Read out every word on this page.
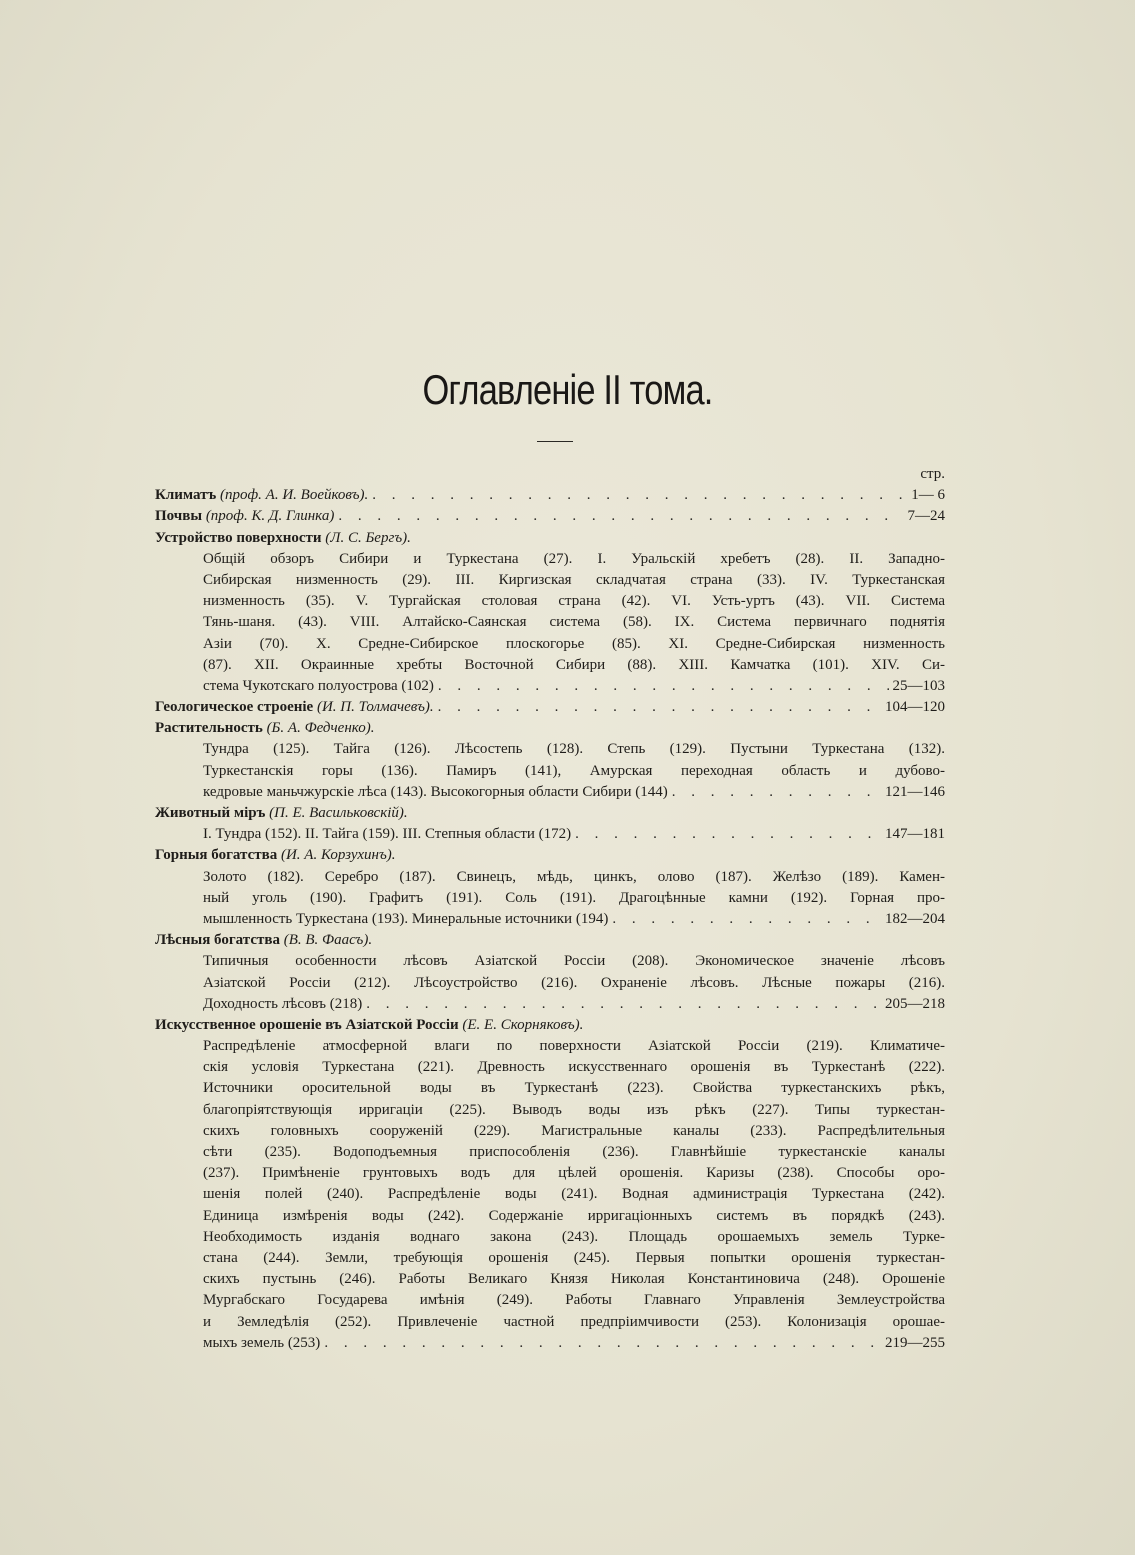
Оглавленіе II тома.
стр.
Климатъ (проф. А. И. Воейковъ). . . .	1— 6
Почвы (проф. К. Д. Глинка) . . .	7—24
Устройство поверхности (Л. С. Бергъ).
Общій обзоръ Сибири и Туркестана (27). I. Уральскій хребетъ (28). II. Западно-
Сибирская низменность (29). III. Киргизская складчатая страна (33). IV. Туркестанская
низменность (35). V. Тургайская столовая страна (42). VI. Усть-уртъ (43). VII. Система
Тянь-шаня. (43). VIII. Алтайско-Саянская система (58). IX. Система первичнаго поднятія
Азіи (70). X. Средне-Сибирское плоскогорье (85). XI. Средне-Сибирская низменность
(87). XII. Окраинные хребты Восточной Сибири (88). XIII. Камчатка (101). XIV. Си-
стема Чукотскаго полуострова (102) . . .	25—103
Геологическое строеніе (И. П. Толмачевъ). . . .	104—120
Растительность (Б. А. Федченко).
Тундра (125). Тайга (126). Лѣсостепь (128). Степь (129). Пустыни Туркестана (132).
Туркестанскія горы (136). Памиръ (141), Амурская переходная область и дубово-
кедровые маньчжурскіе лѣса (143). Высокогорныя области Сибири (144) . . .	121—146
Животный міръ (П. Е. Васильковскій).
I. Тундра (152). II. Тайга (159). III. Степныя области (172) . . .	147—181
Горныя богатства (И. А. Корзухинъ).
Золото (182). Серебро (187). Свинецъ, мѣдь, цинкъ, олово (187). Желѣзо (189). Камен-
ный уголь (190). Графитъ (191). Соль (191). Драгоцѣнные камни (192). Горная про-
мышленность Туркестана (193). Минеральные источники (194) . . .	182—204
Лѣсныя богатства (В. В. Фаасъ).
Типичныя особенности лѣсовъ Азіатской Россіи (208). Экономическое значеніе лѣсовъ
Азіатской Россіи (212). Лѣсоустройство (216). Охраненіе лѣсовъ. Лѣсные пожары (216).
Доходность лѣсовъ (218) . . .	205—218
Искусственное орошеніе въ Азіатской Россіи (Е. Е. Скорняковъ).
Распредѣленіе атмосферной влаги по поверхности Азіатской Россіи (219). Климатиче-
скія условія Туркестана (221). Древность искусственнаго орошенія въ Туркестанѣ (222).
Источники оросительной воды въ Туркестанѣ (223). Свойства туркестанскихъ рѣкъ,
благопріятствующія ирригаціи (225). Выводъ воды изъ рѣкъ (227). Типы туркестан-
скихъ головныхъ сооруженій (229). Магистральные каналы (233). Распредѣлительныя
сѣти (235). Водоподъемныя приспособленія (236). Главнѣйшіе туркестанскіе каналы
(237). Примѣненіе грунтовыхъ водъ для цѣлей орошенія. Каризы (238). Способы оро-
шенія полей (240). Распредѣленіе воды (241). Водная администрація Туркестана (242).
Единица измѣренія воды (242). Содержаніе ирригаціонныхъ системъ въ порядкѣ (243).
Необходимость изданія воднаго закона (243). Площадь орошаемыхъ земель Турке-
стана (244). Земли, требующія орошенія (245). Первыя попытки орошенія туркестан-
скихъ пустынь (246). Работы Великаго Князя Николая Константиновича (248). Орошеніе
Мургабскаго Государева имѣнія (249). Работы Главнаго Управленія Землеустройства
и Земледѣлія (252). Привлеченіе частной предпріимчивости (253). Колонизація орошае-
мыхъ земель (253) . . .	219—255
